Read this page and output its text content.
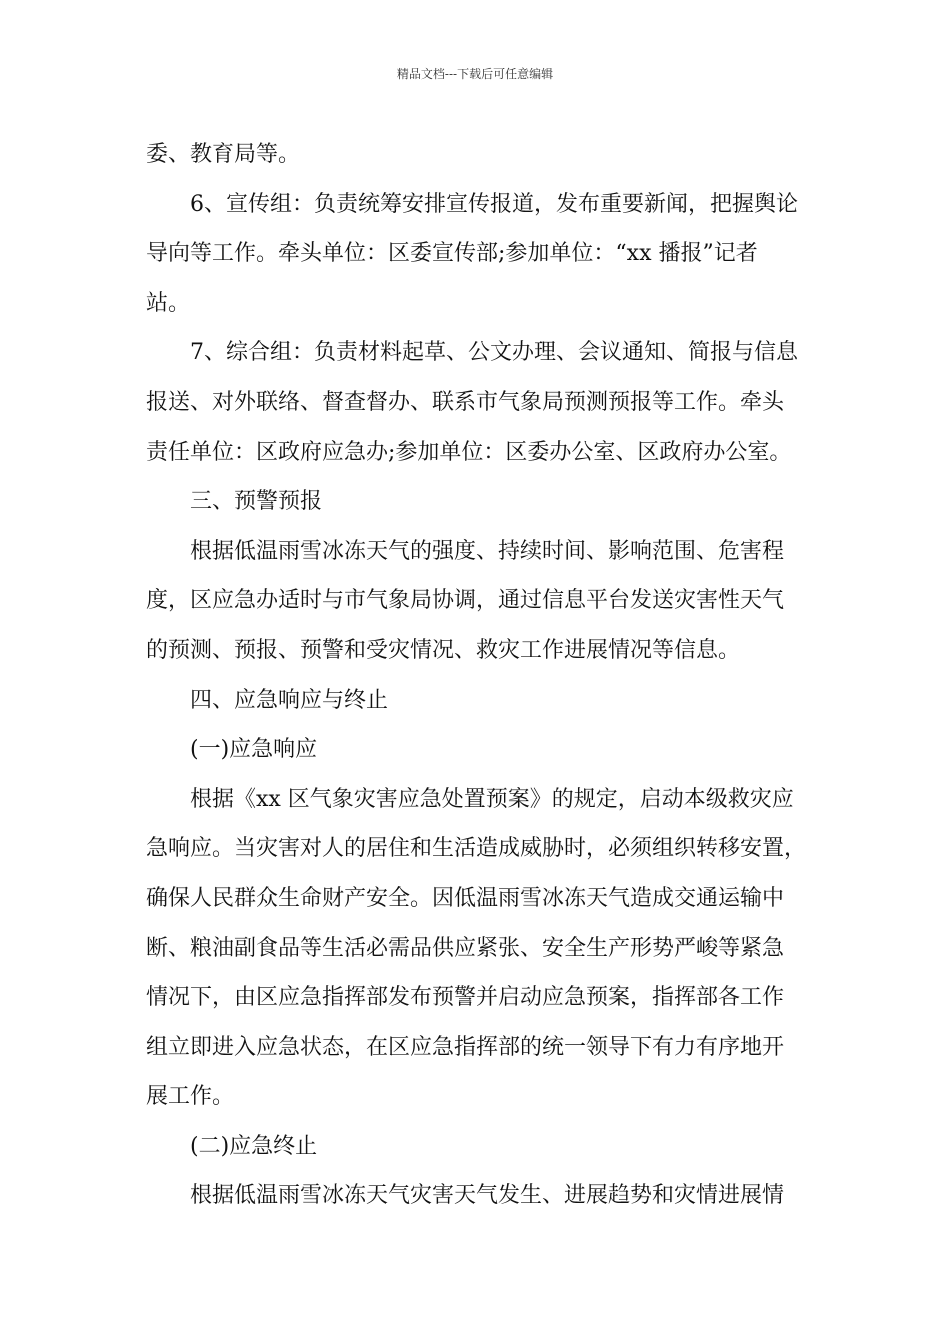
精品文档---下载后可任意编辑
委、教育局等。
6、宣传组：负责统筹安排宣传报道，发布重要新闻，把握舆论
导向等工作。牵头单位：区委宣传部;参加单位：“xx 播报”记者
站。
7、综合组：负责材料起草、公文办理、会议通知、简报与信息
报送、对外联络、督查督办、联系市气象局预测预报等工作。牵头
责任单位：区政府应急办;参加单位：区委办公室、区政府办公室。
三、预警预报
根据低温雨雪冰冻天气的强度、持续时间、影响范围、危害程
度，区应急办适时与市气象局协调，通过信息平台发送灾害性天气
的预测、预报、预警和受灾情况、救灾工作进展情况等信息。
四、应急响应与终止
(一)应急响应
根据《xx 区气象灾害应急处置预案》的规定，启动本级救灾应
急响应。当灾害对人的居住和生活造成威胁时，必须组织转移安置，
确保人民群众生命财产安全。因低温雨雪冰冻天气造成交通运输中
断、粮油副食品等生活必需品供应紧张、安全生产形势严峻等紧急
情况下，由区应急指挥部发布预警并启动应急预案，指挥部各工作
组立即进入应急状态，在区应急指挥部的统一领导下有力有序地开
展工作。
(二)应急终止
根据低温雨雪冰冻天气灾害天气发生、进展趋势和灾情进展情
